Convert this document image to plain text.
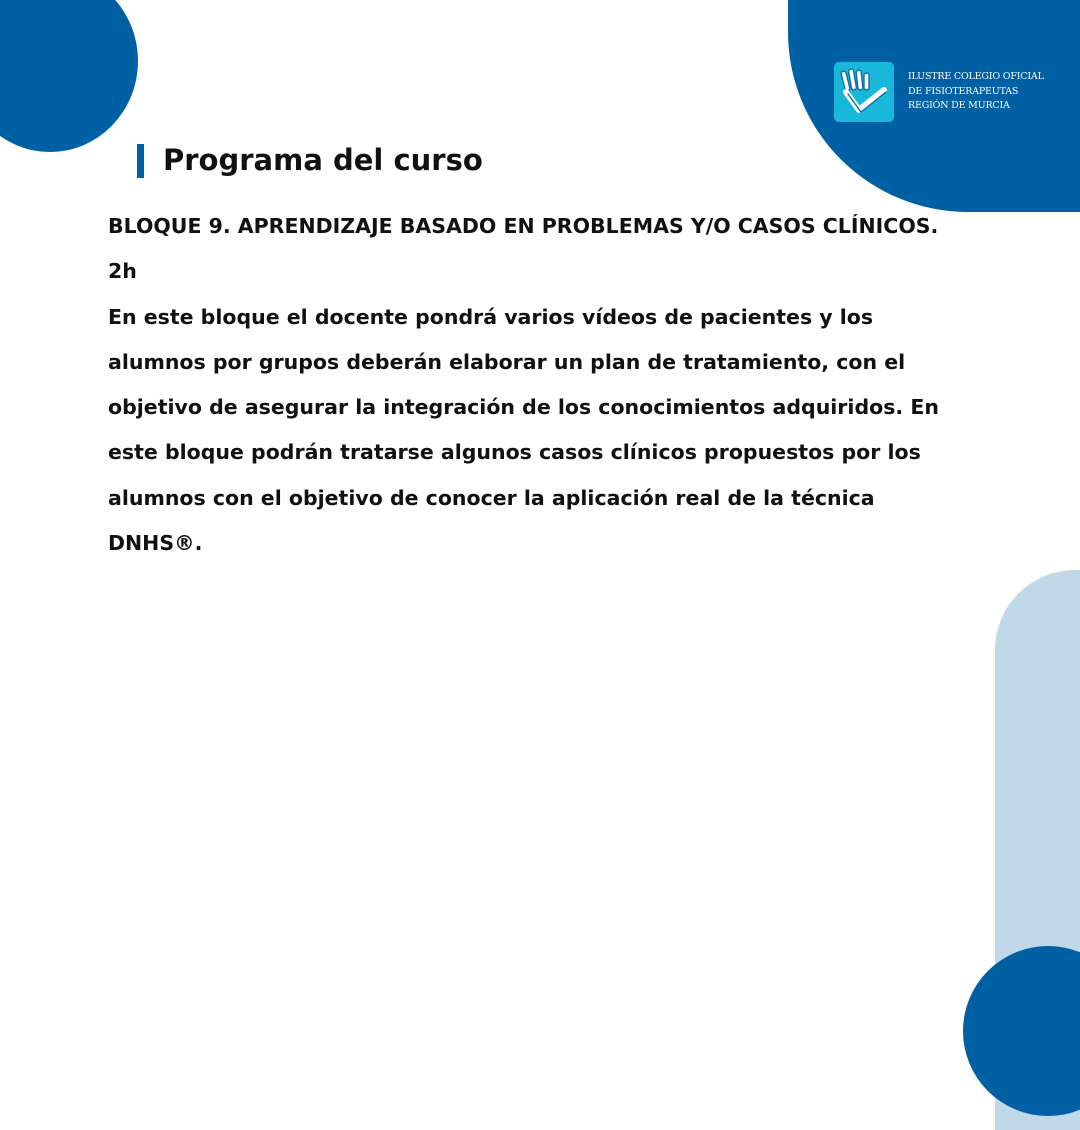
ILUSTRE COLEGIO OFICIAL
DE FISIOTERAPEUTAS
REGIÓN DE MURCIA
Programa del curso
BLOQUE 9. APRENDIZAJE BASADO EN PROBLEMAS Y/O CASOS CLÍNICOS.
2h
En este bloque el docente pondrá varios vídeos de pacientes y los
alumnos por grupos deberán elaborar un plan de tratamiento, con el
objetivo de asegurar la integración de los conocimientos adquiridos. En
este bloque podrán tratarse algunos casos clínicos propuestos por los
alumnos con el objetivo de conocer la aplicación real de la técnica
DNHS®.
